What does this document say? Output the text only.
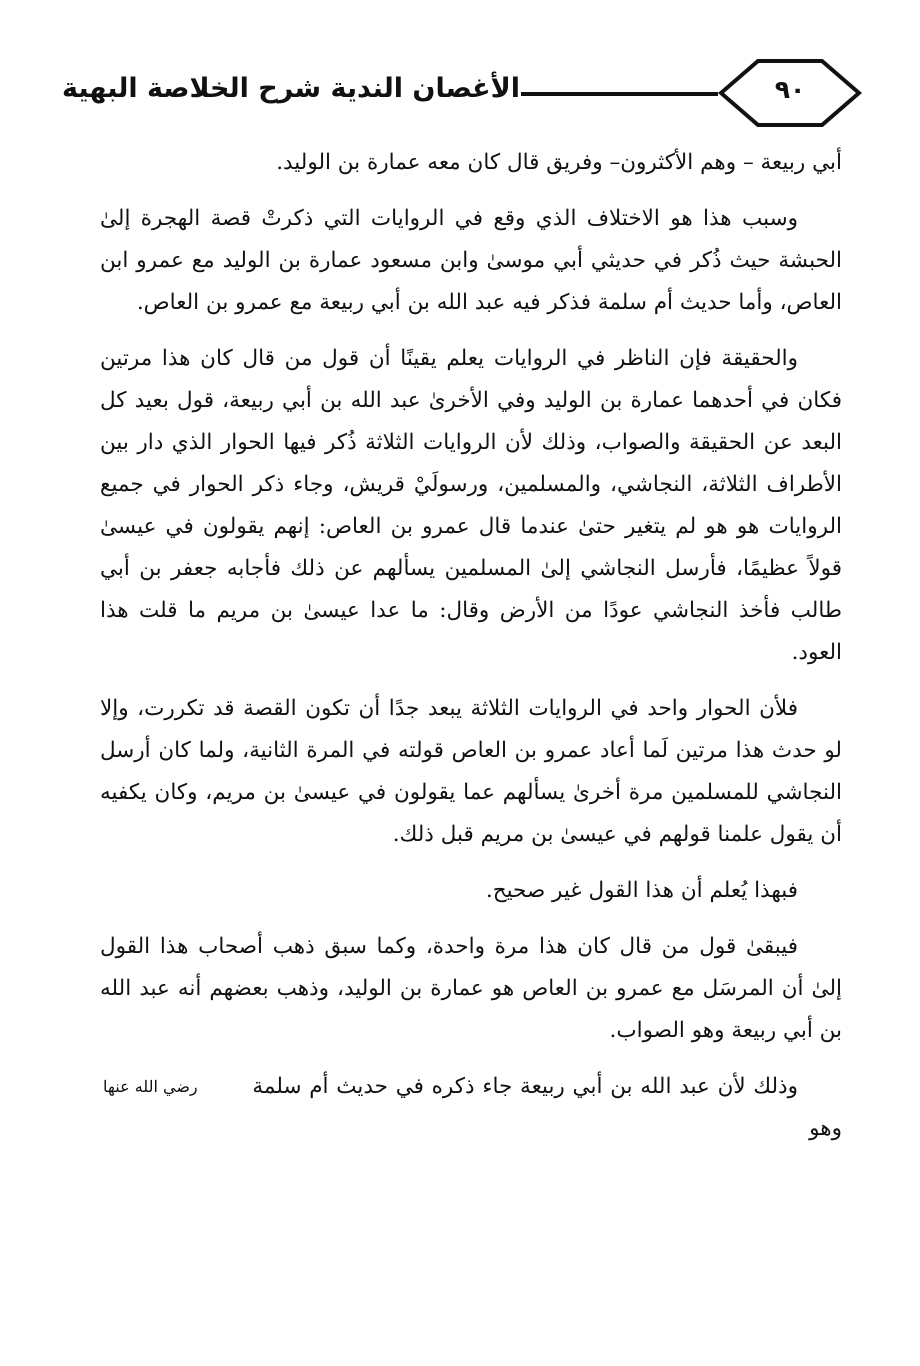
٩٠
الأغصان الندية شرح الخلاصة البهية

أبي ربيعة – وهم الأكثرون– وفريق قال كان معه عمارة بن الوليد.

وسبب هذا هو الاختلاف الذي وقع في الروايات التي ذكرتْ قصة الهجرة إلىٰ الحبشة حيث ذُكر في حديثي أبي موسىٰ وابن مسعود عمارة بن الوليد مع عمرو ابن العاص، وأما حديث أم سلمة فذكر فيه عبد الله بن أبي ربيعة مع عمرو بن العاص.

والحقيقة فإن الناظر في الروايات يعلم يقينًا أن قول من قال كان هذا مرتين فكان في أحدهما عمارة بن الوليد وفي الأخرىٰ عبد الله بن أبي ربيعة، قول بعيد كل البعد عن الحقيقة والصواب، وذلك لأن الروايات الثلاثة ذُكر فيها الحوار الذي دار بين الأطراف الثلاثة، النجاشي، والمسلمين، ورسولَيْ قريش، وجاء ذكر الحوار في جميع الروايات هو هو لم يتغير حتىٰ عندما قال عمرو بن العاص: إنهم يقولون في عيسىٰ قولاً عظيمًا، فأرسل النجاشي إلىٰ المسلمين يسألهم عن ذلك فأجابه جعفر بن أبي طالب فأخذ النجاشي عودًا من الأرض وقال: ما عدا عيسىٰ بن مريم ما قلت هذا العود.

فلأن الحوار واحد في الروايات الثلاثة يبعد جدًا أن تكون القصة قد تكررت، وإلا لو حدث هذا مرتين لَما أعاد عمرو بن العاص قولته في المرة الثانية، ولما كان أرسل النجاشي للمسلمين مرة أخرىٰ يسألهم عما يقولون في عيسىٰ بن مريم، وكان يكفيه أن يقول علمنا قولهم في عيسىٰ بن مريم قبل ذلك.

فبهذا يُعلم أن هذا القول غير صحيح.

فيبقىٰ قول من قال كان هذا مرة واحدة، وكما سبق ذهب أصحاب هذا القول إلىٰ أن المرسَل مع عمرو بن العاص هو عمارة بن الوليد، وذهب بعضهم أنه عبد الله بن أبي ربيعة وهو الصواب.

وذلك لأن عبد الله بن أبي ربيعة جاء ذكره في حديث أم سلمة رضي الله عنها وهو
